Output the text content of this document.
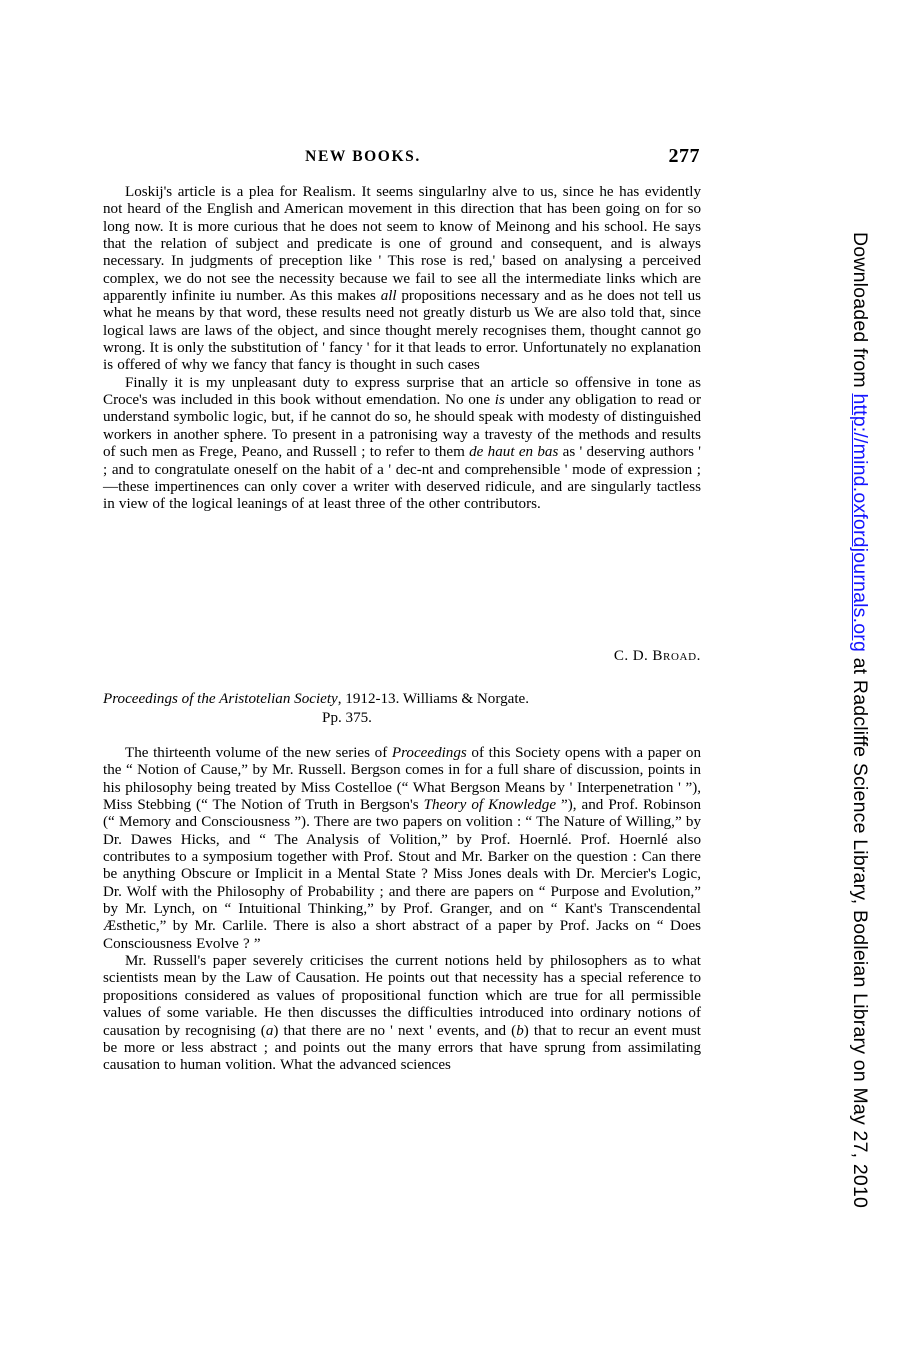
NEW BOOKS.	277

Loskij's article is a plea for Realism. It seems singularlny alve to us, since he has evidently not heard of the English and American movement in this direction that has been going on for so long now. It is more curious that he does not seem to know of Meinong and his school. He says that the relation of subject and predicate is one of ground and consequent, and is always necessary. In judgments of preception like ' This rose is red,' based on analysing a perceived complex, we do not see the necessity because we fail to see all the intermediate links which are apparently infinite iu number. As this makes all propositions necessary and as he does not tell us what he means by that word, these results need not greatly disturb us We are also told that, since logical laws are laws of the object, and since thought merely recognises them, thought cannot go wrong. It is only the substitution of ' fancy ' for it that leads to error. Unfortunately no explanation is offered of why we fancy that fancy is thought in such cases

Finally it is my unpleasant duty to express surprise that an article so offensive in tone as Croce's was included in this book without emendation. No one is under any obligation to read or understand symbolic logic, but, if he cannot do so, he should speak with modesty of distinguished workers in another sphere. To present in a patronising way a travesty of the methods and results of such men as Frege, Peano, and Russell ; to refer to them de haut en bas as ' deserving authors ' ; and to congratulate oneself on the habit of a ' dec-nt and comprehensible ' mode of expression ; —these impertinences can only cover a writer with deserved ridicule, and are singularly tactless in view of the logical leanings of at least three of the other contributors.

C. D. Broad.
Proceedings of the Aristotelian Society, 1912-13. Williams & Norgate.
Pp. 375.

The thirteenth volume of the new series of Proceedings of this Society opens with a paper on the “ Notion of Cause,” by Mr. Russell. Bergson comes in for a full share of discussion, points in his philosophy being treated by Miss Costelloe (“ What Bergson Means by ' Interpenetration ' ”), Miss Stebbing (“ The Notion of Truth in Bergson's Theory of Knowledge ”), and Prof. Robinson (“ Memory and Consciousness ”). There are two papers on volition : “ The Nature of Willing,” by Dr. Dawes Hicks, and “ The Analysis of Volition,” by Prof. Hoernlé. Prof. Hoernlé also contributes to a symposium together with Prof. Stout and Mr. Barker on the question : Can there be anything Obscure or Implicit in a Mental State ? Miss Jones deals with Dr. Mercier's Logic, Dr. Wolf with the Philosophy of Probability ; and there are papers on “ Purpose and Evolution,” by Mr. Lynch, on “ Intuitional Thinking,” by Prof. Granger, and on “ Kant's Transcendental Æsthetic,” by Mr. Carlile. There is also a short abstract of a paper by Prof. Jacks on “ Does Consciousness Evolve ? ”

Mr. Russell's paper severely criticises the current notions held by philosophers as to what scientists mean by the Law of Causation. He points out that necessity has a special reference to propositions considered as values of propositional function which are true for all permissible values of some variable. He then discusses the difficulties introduced into ordinary notions of causation by recognising (a) that there are no ' next ' events, and (b) that to recur an event must be more or less abstract ; and points out the many errors that have sprung from assimilating causation to human volition. What the advanced sciences

Downloaded from http://mind.oxfordjournals.org at Radcliffe Science Library, Bodleian Library on May 27, 2010
